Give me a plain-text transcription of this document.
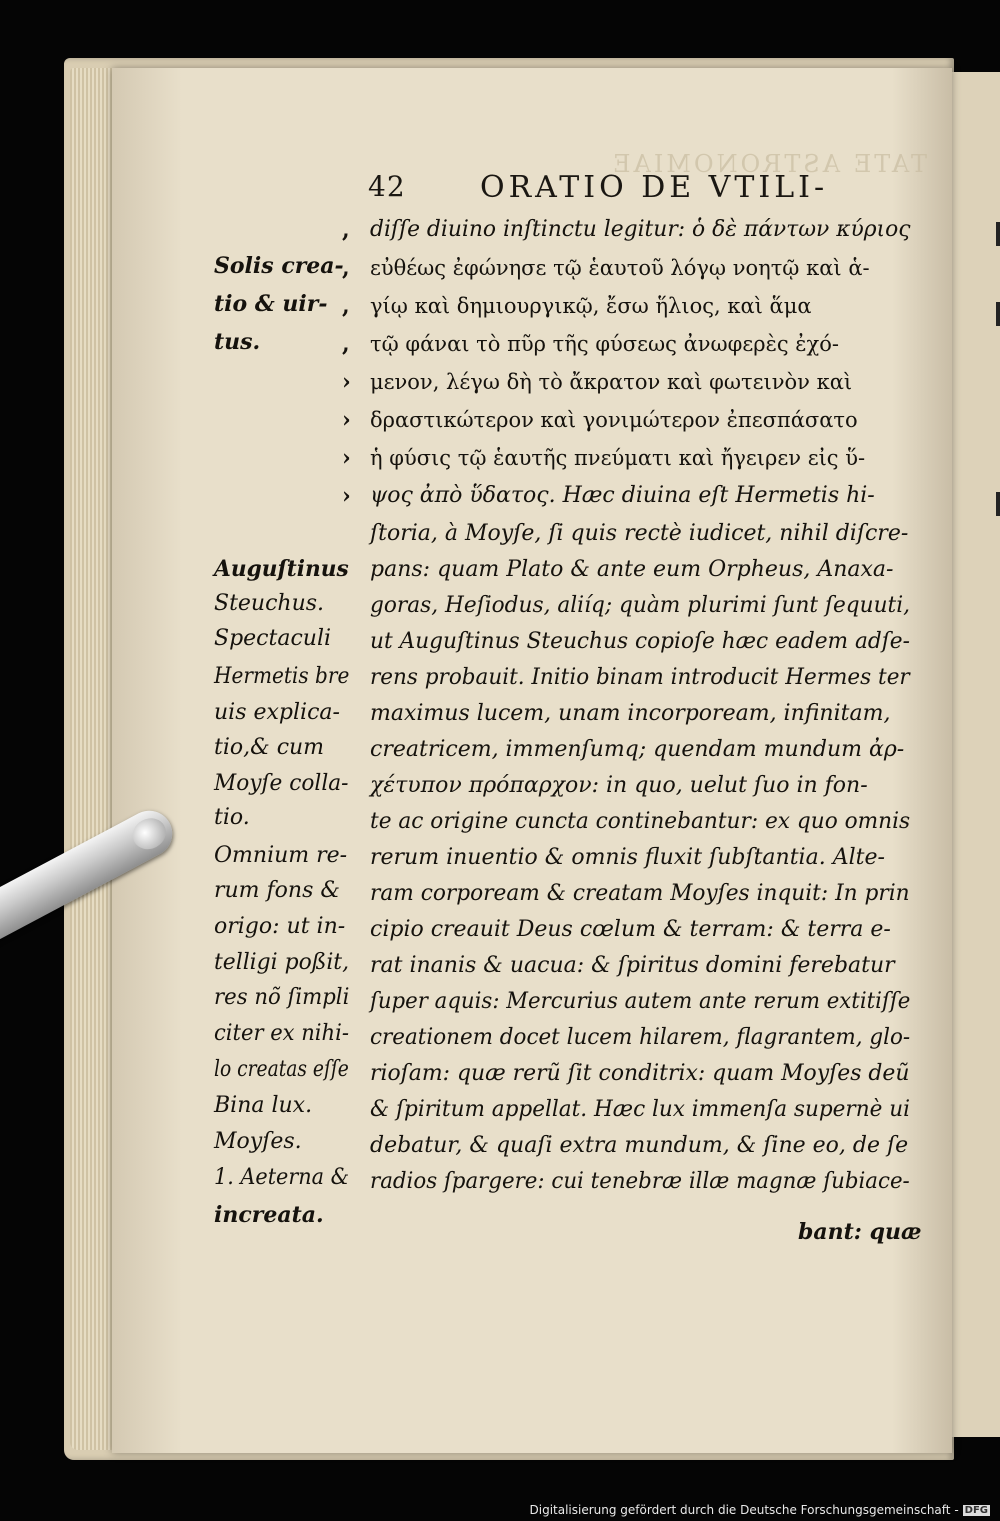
TATE ASTRONOMIAE
42 ORATIO DE VTILI-
,
,
,
,
›
›
›
›
Solis crea-
tio & uir-
tus.
Auguſtinus
Steuchus.
Spectaculi
Hermetis bre
uis explica-
tio,& cum
Moyſe colla-
tio.
Omnium re-
rum fons &
origo: ut in-
telligi poßit,
res nõ ſimpli
citer ex nihi-
lo creatas eſſe
Bina lux.
Moyſes.
1. Aeterna &
increata.
diſſe diuino inſtinctu legitur: ὁ δὲ πάντων κύριος
εὐθέως ἐφώνησε τῷ ἑαυτοῦ λόγῳ νοητῷ καὶ ἁ-
γίῳ καὶ δημιουργικῷ, ἔσω ἥλιος, καὶ ἅμα
τῷ φάναι τὸ πῦρ τῆς φύσεως ἀνωφερὲς ἐχό-
μενον, λέγω δὴ τὸ ἄκρατον καὶ φωτεινὸν καὶ
δραστικώτερον καὶ γονιμώτερον ἐπεσπάσατο
ἡ φύσις τῷ ἑαυτῆς πνεύματι καὶ ἤγειρεν εἰς ὕ-
ψος ἀπὸ ὕδατος. Hæc diuina eſt Hermetis hi-
ſtoria, à Moyſe, ſi quis rectè iudicet, nihil diſcre-
pans: quam Plato & ante eum Orpheus, Anaxa-
goras, Heſiodus, aliíq; quàm plurimi ſunt ſequuti,
ut Auguſtinus Steuchus copioſe hæc eadem adſe-
rens probauit. Initio binam introducit Hermes ter
maximus lucem, unam incorpoream, infinitam,
creatricem, immenſumq; quendam mundum ἀρ-
χέτυπον πρόπαρχον: in quo, uelut ſuo in fon-
te ac origine cuncta continebantur: ex quo omnis
rerum inuentio & omnis fluxit ſubſtantia. Alte-
ram corpoream & creatam Moyſes inquit: In prin
cipio creauit Deus cœlum & terram: & terra e-
rat inanis & uacua: & ſpiritus domini ferebatur
ſuper aquis: Mercurius autem ante rerum extitiſſe
creationem docet lucem hilarem, flagrantem, glo-
rioſam: quæ rerũ ſit conditrix: quam Moyſes deũ
& ſpiritum appellat. Hæc lux immenſa supernè ui
debatur, & quaſi extra mundum, & ſine eo, de ſe
radios ſpargere: cui tenebræ illæ magnæ ſubiace-
bant: quæ
Digitalisierung gefördert durch die Deutsche Forschungsgemeinschaft - DFG
